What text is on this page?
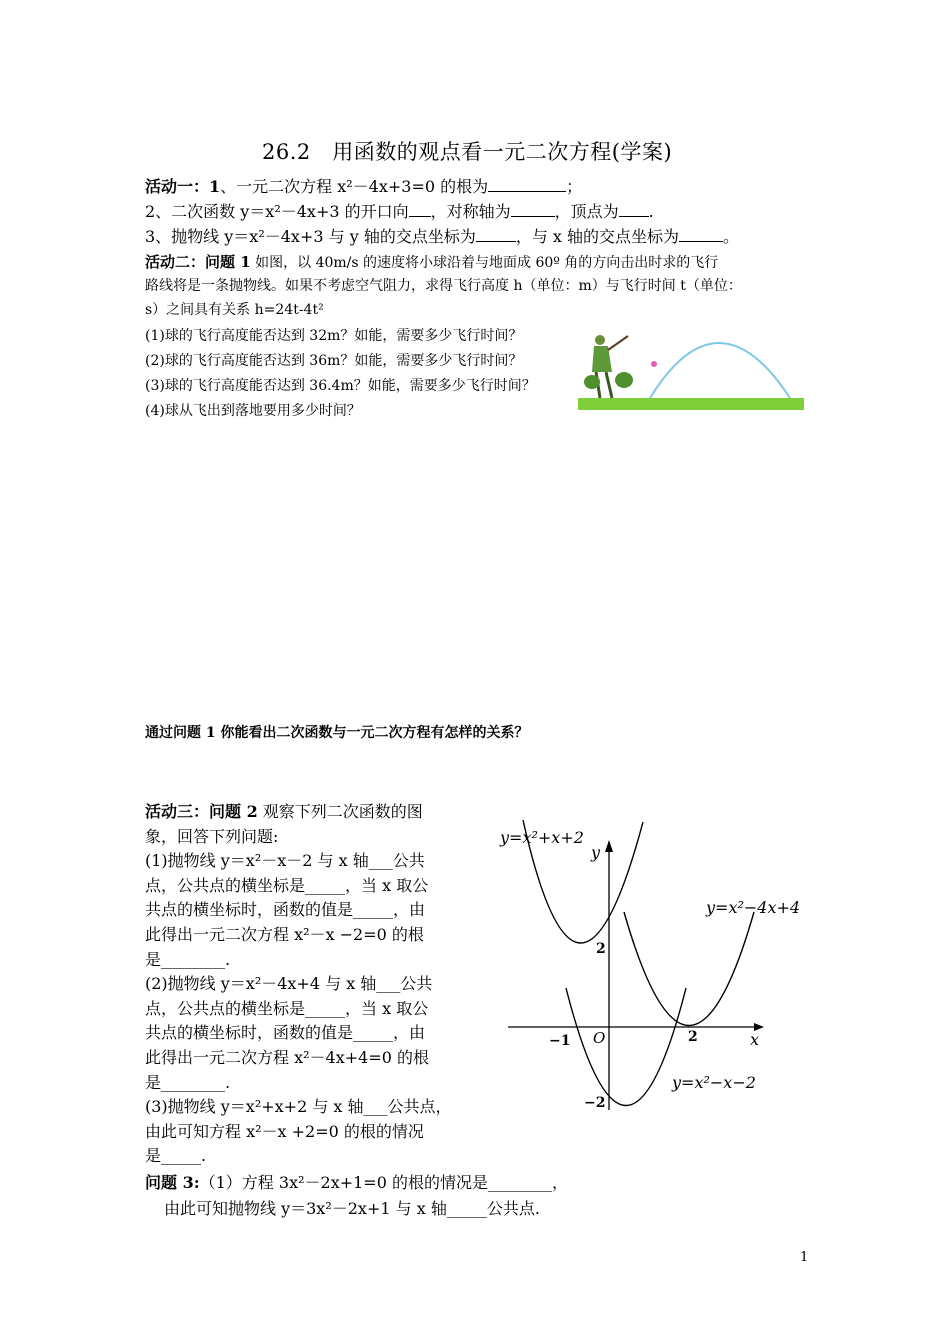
26.2　用函数的观点看一元二次方程(学案)
活动一：1、一元二次方程 x²－4x+3=0 的根为	；
2、二次函数 y＝x²－4x+3 的开口向 ，对称轴为	，顶点为 .
3、抛物线 y＝x²－4x+3 与 y 轴的交点坐标为	，与 x 轴的交点坐标为	。
活动二：问题 1 如图，以 40m/s 的速度将小球沿着与地面成 60º 角的方向击出时求的飞行
路线将是一条抛物线。如果不考虑空气阻力，求得飞行高度 h（单位：m）与飞行时间 t（单位：
s）之间具有关系 h=24t-4t²
(1)球的飞行高度能否达到 32m？如能，需要多少飞行时间？
(2)球的飞行高度能否达到 36m？如能，需要多少飞行时间？
(3)球的飞行高度能否达到 36.4m？如能，需要多少飞行时间？
(4)球从飞出到落地要用多少时间？
通过问题 1 你能看出二次函数与一元二次方程有怎样的关系？
活动三：问题 2 观察下列二次函数的图
象，回答下列问题:
(1)抛物线 y＝x²－x－2 与 x 轴___公共
点，公共点的横坐标是_____，当 x 取公
共点的横坐标时，函数的值是_____，由
此得出一元二次方程 x²－x −2=0 的根
是________.
(2)抛物线 y＝x²－4x+4 与 x 轴___公共
点，公共点的横坐标是_____，当 x 取公
共点的横坐标时，函数的值是_____，由
此得出一元二次方程 x²－4x+4=0 的根
是________.
(3)抛物线 y＝x²+x+2 与 x 轴___公共点，
由此可知方程 x²－x +2=0 的根的情况
是_____.
y=x²+x+2
y=x²−4x+4
y=x²−x−2
y
x
O
−1	2
2
−2
问题 3:（1）方程 3x²－2x+1=0 的根的情况是________，
由此可知抛物线 y＝3x²－2x+1 与 x 轴_____公共点.
1
